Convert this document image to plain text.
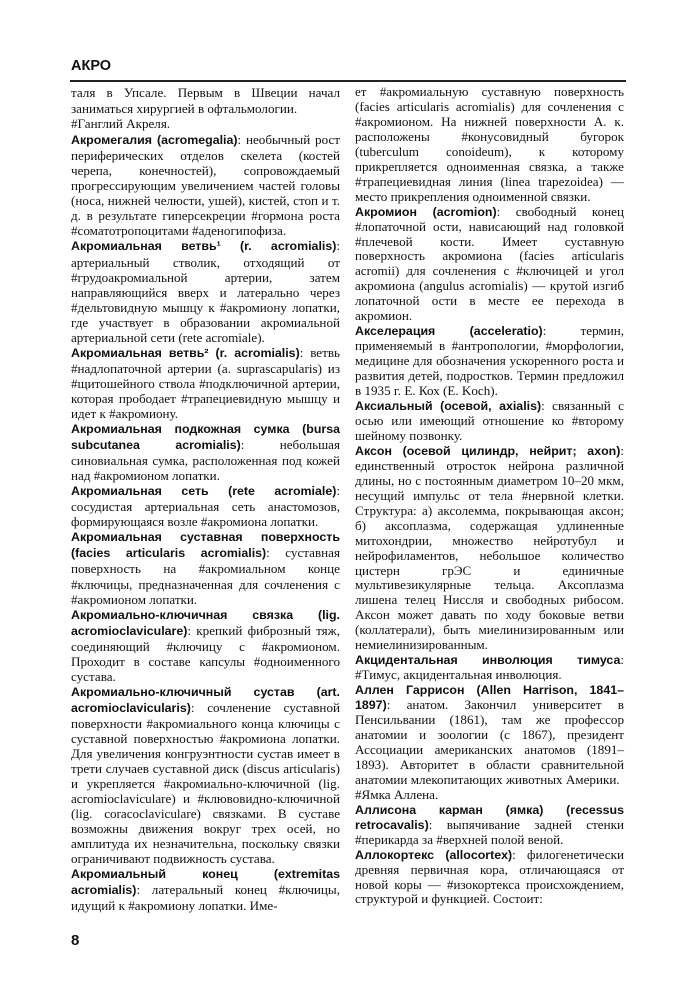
АКРО

таля в Упсале. Первым в Швеции начал заниматься хирургией в офтальмологии.

#Ганглий Акреля.

Акромегалия (acromegalia): необычный рост периферических отделов скелета (костей черепа, конечностей), сопровождаемый прогрессирующим увеличением частей головы (носа, нижней челюсти, ушей), кистей, стоп и т. д. в результате гиперсекреции #гормона роста #соматотропоцитами #аденогипофиза.

Акромиальная ветвь¹ (r. acromialis): артериальный стволик, отходящий от #грудоакромиальной артерии, затем направляющийся вверх и латерально через #дельтовидную мышцу к #акромиону лопатки, где участвует в образовании акромиальной артериальной сети (rete acromiale).

Акромиальная ветвь² (r. acromialis): ветвь #надлопаточной артерии (a. suprascapularis) из #щитошейного ствола #подключичной артерии, которая прободает #трапециевидную мышцу и идет к #акромиону.

Акромиальная подкожная сумка (bursa subcutanea acromialis): небольшая синовиальная сумка, расположенная под кожей над #акромионом лопатки.

Акромиальная сеть (rete acromiale): сосудистая артериальная сеть анастомозов, формирующаяся возле #акромиона лопатки.

Акромиальная суставная поверхность (facies articularis acromialis): суставная поверхность на #акромиальном конце #ключицы, предназначенная для сочленения с #акромионом лопатки.

Акромиально-ключичная связка (lig. acromioclaviculare): крепкий фиброзный тяж, соединяющий #ключицу с #акромионом. Проходит в составе капсулы #одноименного сустава.

Акромиально-ключичный сустав (art. acromioclavicularis): сочленение суставной поверхности #акромиального конца ключицы с суставной поверхностью #акромиона лопатки. Для увеличения конгруэнтности сустав имеет в трети случаев суставной диск (discus articularis) и укрепляется #акромиально-ключичной (lig. acromioclaviculare) и #клювовидно-ключичной (lig. coracoclaviculare) связками. В суставе возможны движения вокруг трех осей, но амплитуда их незначительна, поскольку связки ограничивают подвижность сустава.

Акромиальный конец (extremitas acromialis): латеральный конец #ключицы, идущий к #акромиону лопатки. Име-

ет #акромиальную суставную поверхность (facies articularis acromialis) для сочленения с #акромионом. На нижней поверхности А. к. расположены #конусовидный бугорок (tuberculum conoideum), к которому прикрепляется одноименная связка, а также #трапециевидная линия (linea trapezoidea) — место прикрепления одноименной связки.

Акромион (acromion): свободный конец #лопаточной ости, нависающий над головкой #плечевой кости. Имеет суставную поверхность акромиона (facies articularis acromii) для сочленения с #ключицей и угол акромиона (angulus acromialis) — крутой изгиб лопаточной ости в месте ее перехода в акромион.

Акселерация (acceleratio): термин, применяемый в #антропологии, #морфологии, медицине для обозначения ускоренного роста и развития детей, подростков. Термин предложил в 1935 г. Е. Кох (E. Koch).

Аксиальный (осевой, axialis): связанный с осью или имеющий отношение ко #второму шейному позвонку.

Аксон (осевой цилиндр, нейрит; axon): единственный отросток нейрона различной длины, но с постоянным диаметром 10–20 мкм, несущий импульс от тела #нервной клетки. Структура: а) аксолемма, покрывающая аксон; б) аксоплазма, содержащая удлиненные митохондрии, множество нейротубул и нейрофиламентов, небольшое количество цистерн грЭС и единичные мультивезикулярные тельца. Аксоплазма лишена телец Ниссля и свободных рибосом. Аксон может давать по ходу боковые ветви (коллатерали), быть миелинизированным или немиелинизированным.

Акцидентальная инволюция тимуса: #Тимус, акцидентальная инволюция.

Аллен Гаррисон (Allen Harrison, 1841–1897): анатом. Закончил университет в Пенсильвании (1861), там же профессор анатомии и зоологии (с 1867), президент Ассоциации американских анатомов (1891–1893). Авторитет в области сравнительной анатомии млекопитающих животных Америки.

#Ямка Аллена.

Аллисона карман (ямка) (recessus retrocavalis): выпячивание задней стенки #перикарда за #верхней полой веной.

Аллокортекс (allocortex): филогенетически древняя первичная кора, отличающаяся от новой коры — #изокортекса происхождением, структурой и функцией. Состоит:

8
